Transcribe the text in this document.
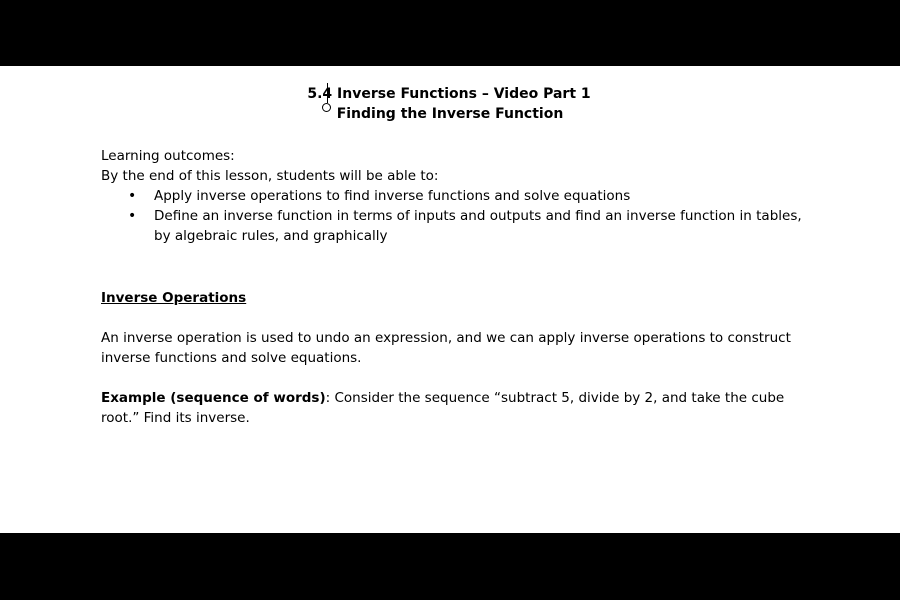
5.4 Inverse Functions – Video Part 1
Finding the Inverse Function
Learning outcomes:
By the end of this lesson, students will be able to:
• Apply inverse operations to find inverse functions and solve equations
• Define an inverse function in terms of inputs and outputs and find an inverse function in tables, by algebraic rules, and graphically
Inverse Operations
An inverse operation is used to undo an expression, and we can apply inverse operations to construct inverse functions and solve equations.
Example (sequence of words): Consider the sequence “subtract 5, divide by 2, and take the cube root.” Find its inverse.
